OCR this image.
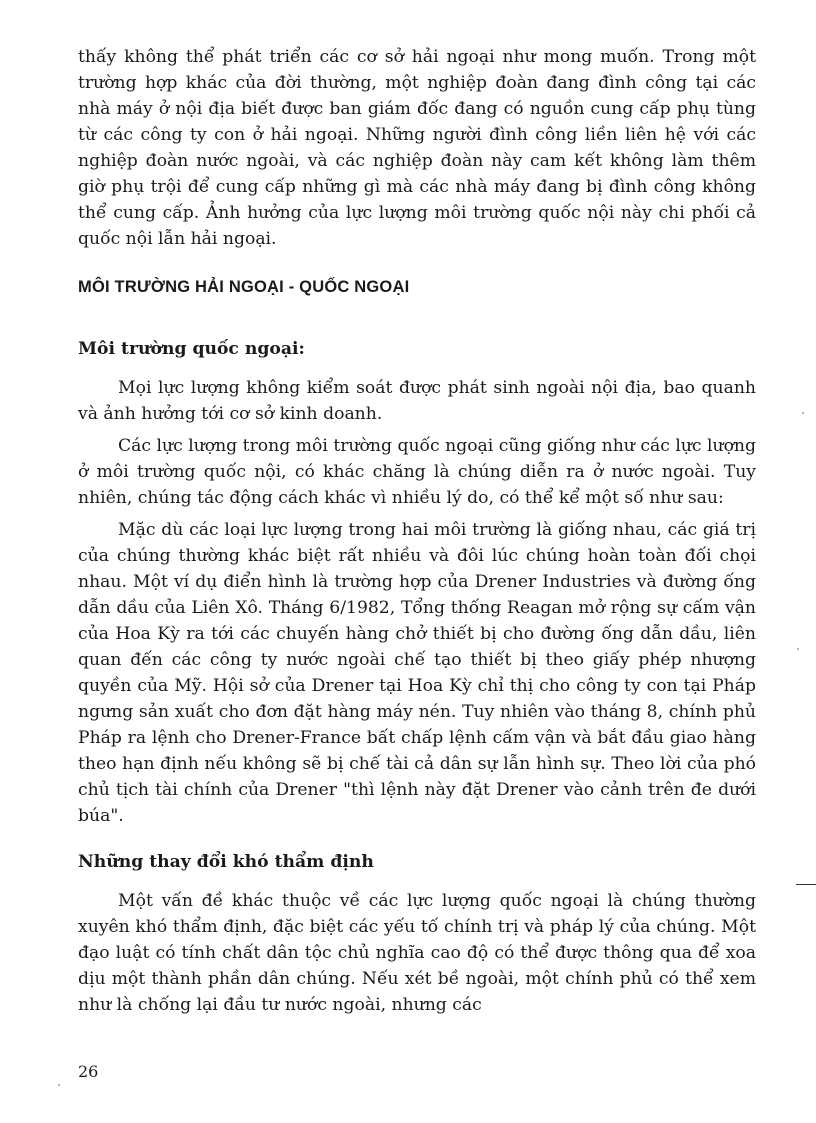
thấy không thể phát triển các cơ sở hải ngoại như mong muốn. Trong một trường hợp khác của đời thường, một nghiệp đoàn đang đình công tại các nhà máy ở nội địa biết được ban giám đốc đang có nguồn cung cấp phụ tùng từ các công ty con ở hải ngoại. Những người đình công liền liên hệ với các nghiệp đoàn nước ngoài, và các nghiệp đoàn này cam kết không làm thêm giờ phụ trội để cung cấp những gì mà các nhà máy đang bị đình công không thể cung cấp. Ảnh hưởng của lực lượng môi trường quốc nội này chi phối cả quốc nội lẫn hải ngoại.

MÔI TRƯỜNG HẢI NGOẠI - QUỐC NGOẠI
Môi trường quốc ngoại:

Mọi lực lượng không kiểm soát được phát sinh ngoài nội địa, bao quanh và ảnh hưởng tới cơ sở kinh doanh.

Các lực lượng trong môi trường quốc ngoại cũng giống như các lực lượng ở môi trường quốc nội, có khác chăng là chúng diễn ra ở nước ngoài. Tuy nhiên, chúng tác động cách khác vì nhiều lý do, có thể kể một số như sau:

Mặc dù các loại lực lượng trong hai môi trường là giống nhau, các giá trị của chúng thường khác biệt rất nhiều và đôi lúc chúng hoàn toàn đối chọi nhau. Một ví dụ điển hình là trường hợp của Drener Industries và đường ống dẫn dầu của Liên Xô. Tháng 6/1982, Tổng thống Reagan mở rộng sự cấm vận của Hoa Kỳ ra tới các chuyến hàng chở thiết bị cho đường ống dẫn dầu, liên quan đến các công ty nước ngoài chế tạo thiết bị theo giấy phép nhượng quyền của Mỹ. Hội sở của Drener tại Hoa Kỳ chỉ thị cho công ty con tại Pháp ngưng sản xuất cho đơn đặt hàng máy nén. Tuy nhiên vào tháng 8, chính phủ Pháp ra lệnh cho Drener-France bất chấp lệnh cấm vận và bắt đầu giao hàng theo hạn định nếu không sẽ bị chế tài cả dân sự lẫn hình sự. Theo lời của phó chủ tịch tài chính của Drener "thì lệnh này đặt Drener vào cảnh trên đe dưới búa".

Những thay đổi khó thẩm định

Một vấn đề khác thuộc về các lực lượng quốc ngoại là chúng thường xuyên khó thẩm định, đặc biệt các yếu tố chính trị và pháp lý của chúng. Một đạo luật có tính chất dân tộc chủ nghĩa cao độ có thể được thông qua để xoa dịu một thành phần dân chúng. Nếu xét bề ngoài, một chính phủ có thể xem như là chống lại đầu tư nước ngoài, nhưng các

26
